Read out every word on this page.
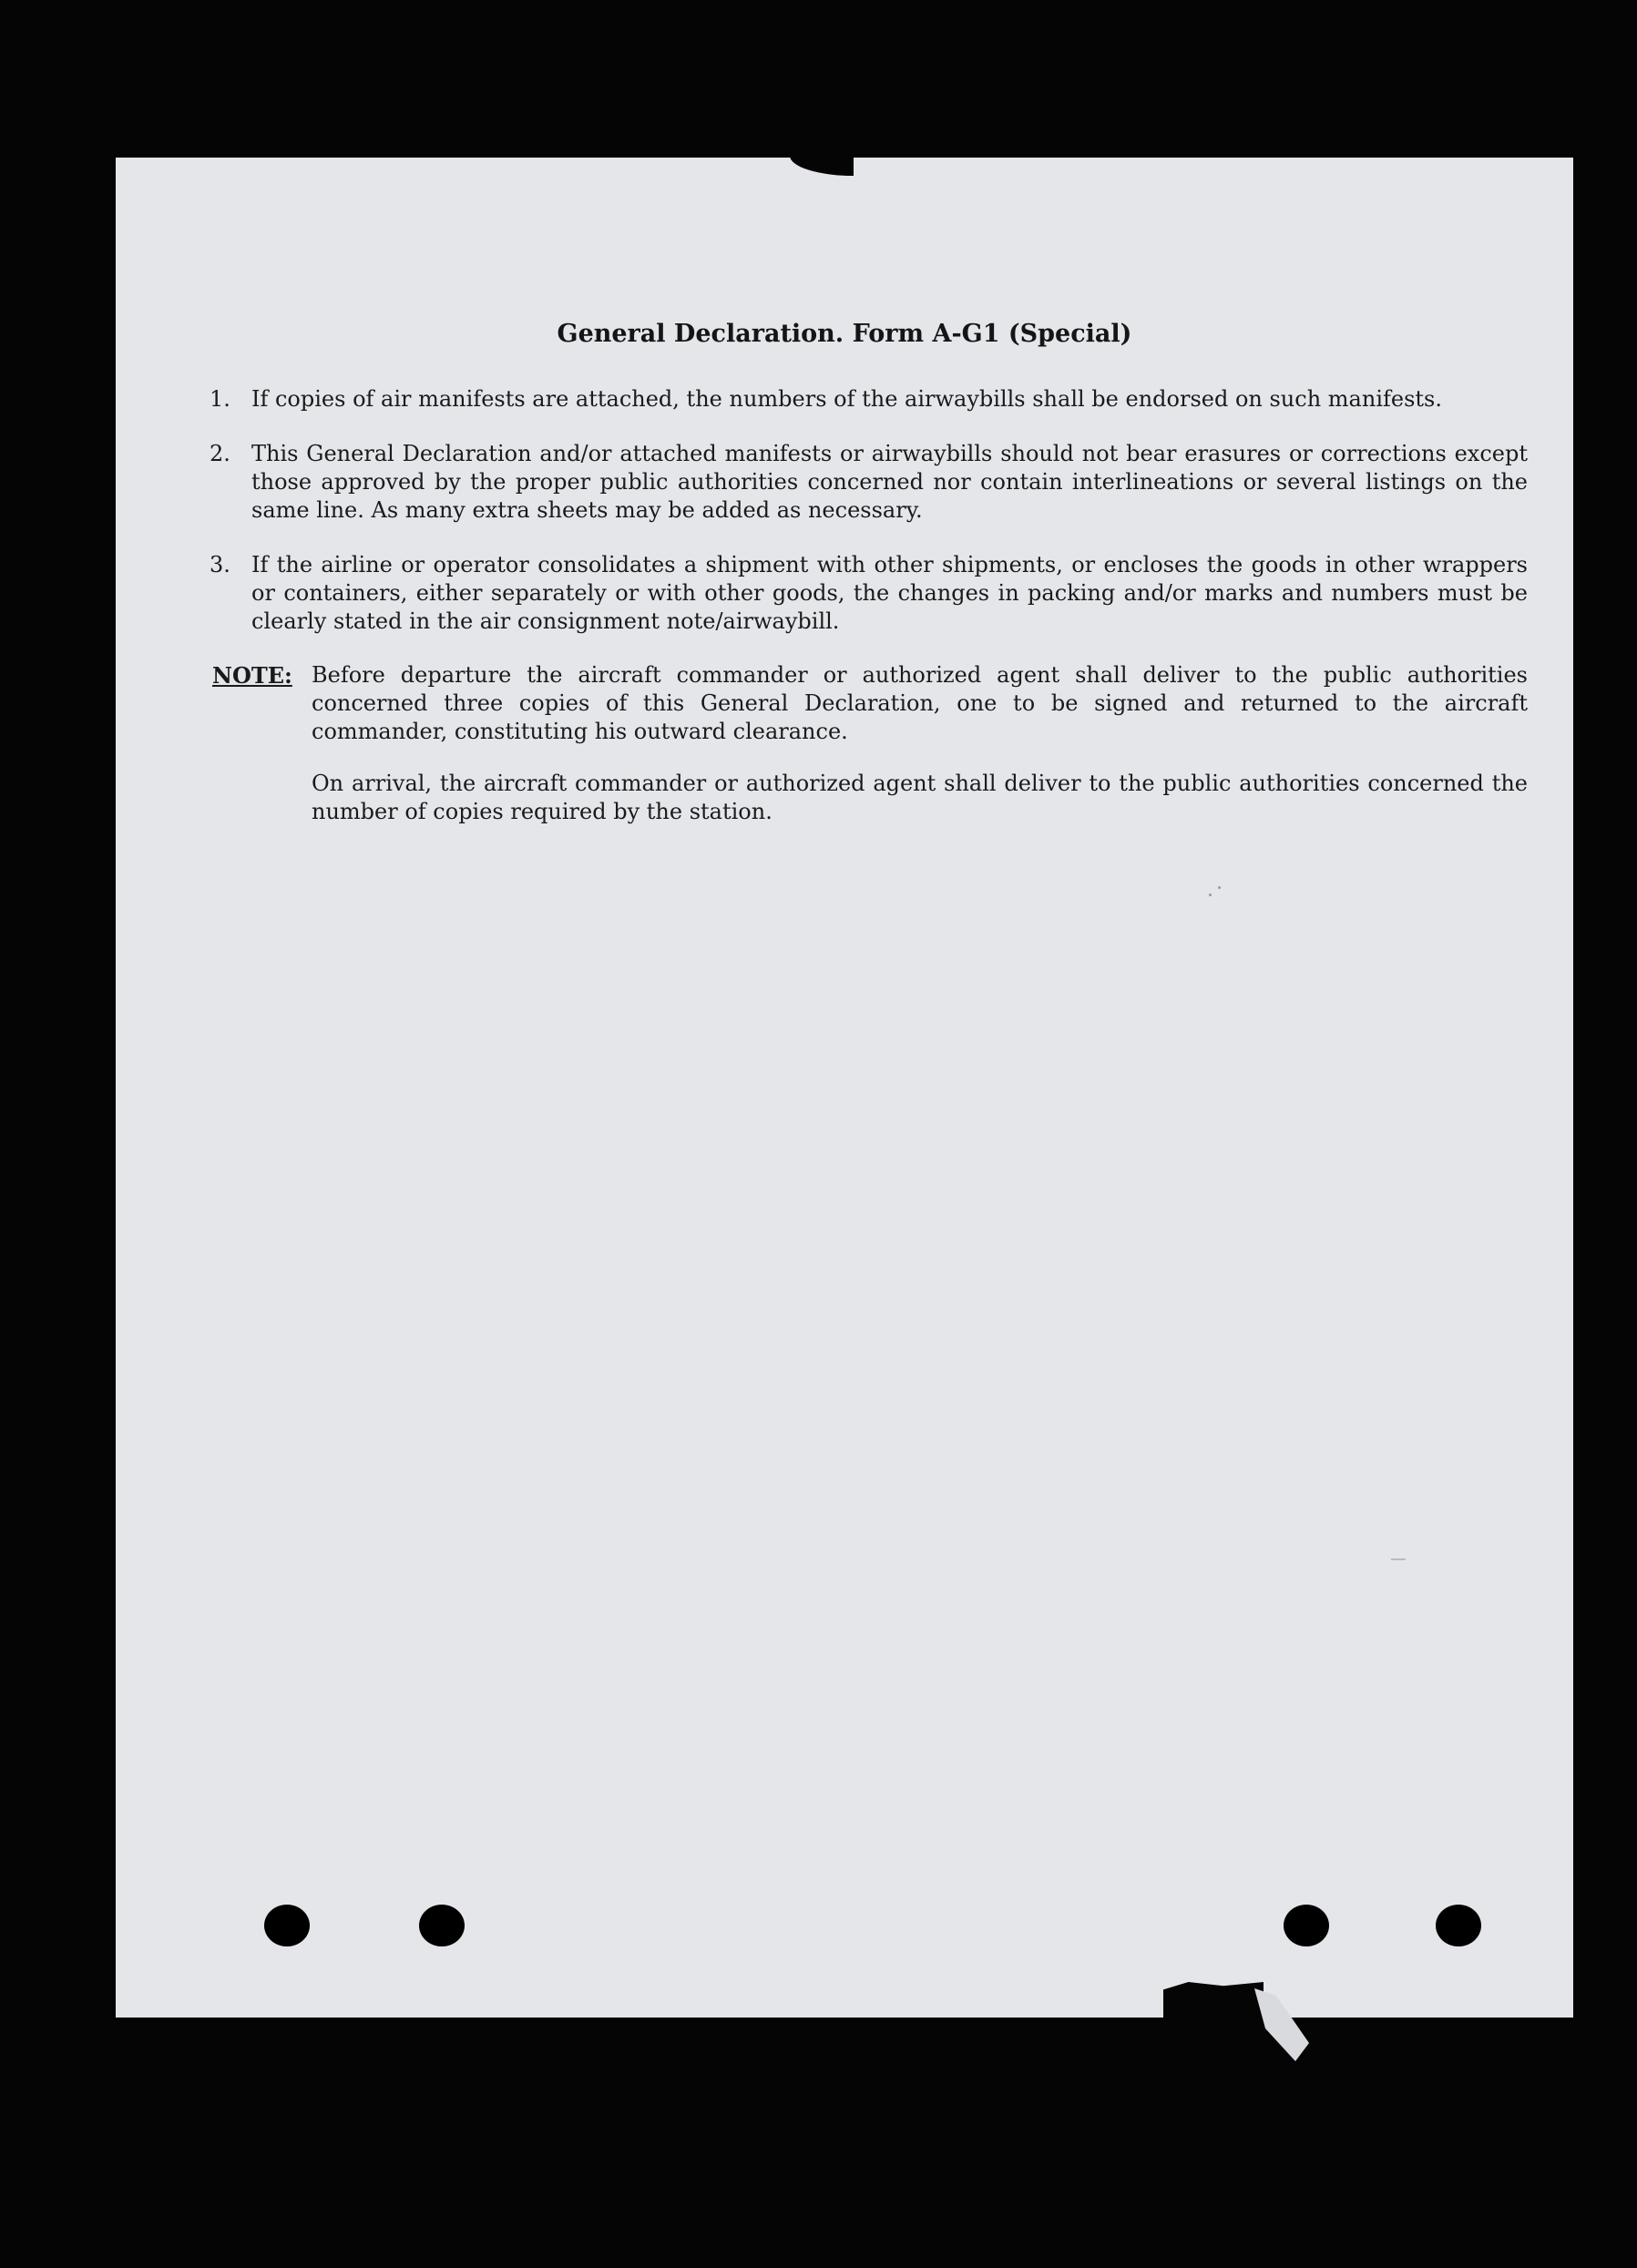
General Declaration. Form A-G1 (Special)
1. If copies of air manifests are attached, the numbers of the airwaybills shall be endorsed on such manifests.
2. This General Declaration and/or attached manifests or airwaybills should not bear erasures or corrections except those approved by the proper public authorities concerned nor contain interlineations or several listings on the same line. As many extra sheets may be added as necessary.
3. If the airline or operator consolidates a shipment with other shipments, or encloses the goods in other wrappers or containers, either separately or with other goods, the changes in packing and/or marks and numbers must be clearly stated in the air consignment note/airwaybill.
NOTE: Before departure the aircraft commander or authorized agent shall deliver to the public authorities concerned three copies of this General Declaration, one to be signed and returned to the aircraft commander, constituting his outward clearance.
On arrival, the aircraft commander or authorized agent shall deliver to the public authorities concerned the number of copies required by the station.
